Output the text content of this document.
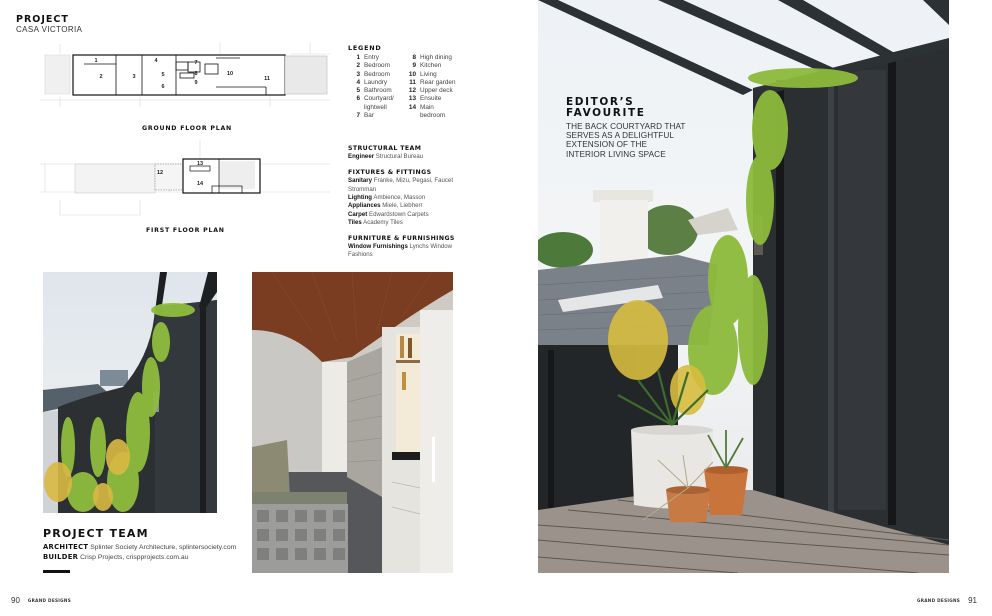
PROJECT
CASA VICTORIA
1
2	3
4
5
6
7
8
9
10
11
GROUND FLOOR PLAN
12
13
14
FIRST FLOOR PLAN
LEGEND
1 Entry
2 Bedroom
3 Bedroom
4 Laundry
5 Bathroom
6 Courtyard/ lightwell
7 Bar
8 High dining
9 Kitchen
10 Living
11 Rear garden
12 Upper deck
13 Ensuite
14 Main bedroom
STRUCTURAL TEAM
Engineer Structural Bureau
FIXTURES & FITTINGS
Sanitary Franke, Mizu, Pegasi, Faucet Stromman
Lighting Ambience, Masson
Appliances Miele, Liebherr
Carpet Edwardstown Carpets
Tiles Academy Tiles
FURNITURE & FURNISHINGS
Window Furnishings Lynchs Window Fashions
PROJECT TEAM
ARCHITECT Splinter Society Architecture, splintersociety.com
BUILDER Crisp Projects, crispprojects.com.au
90 GRAND DESIGNS
EDITOR’S
FAVOURITE
THE BACK COURTYARD THAT
SERVES AS A DELIGHTFUL
EXTENSION OF THE
INTERIOR LIVING SPACE
GRAND DESIGNS 91
